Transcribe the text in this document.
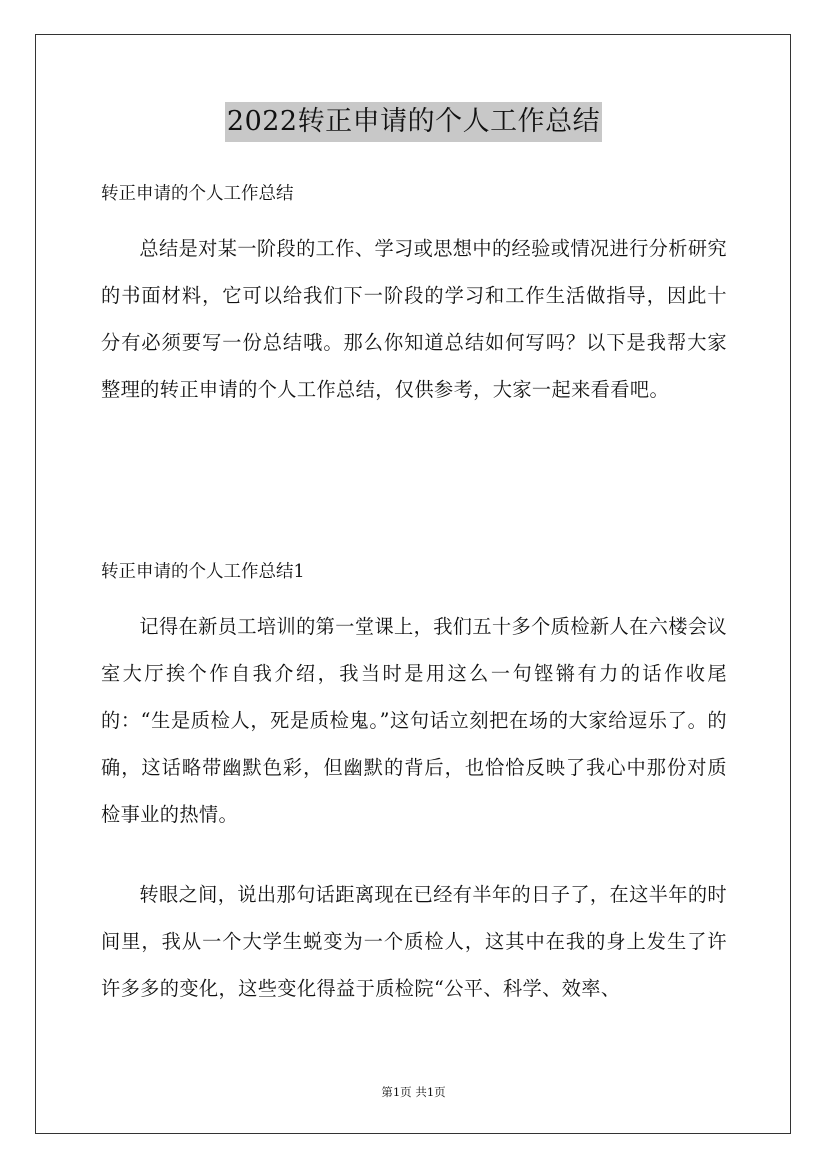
2022转正申请的个人工作总结
转正申请的个人工作总结

总结是对某一阶段的工作、学习或思想中的经验或情况进行分析研究的书面材料，它可以给我们下一阶段的学习和工作生活做指导，因此十分有必须要写一份总结哦。那么你知道总结如何写吗？以下是我帮大家整理的转正申请的个人工作总结，仅供参考，大家一起来看看吧。

转正申请的个人工作总结1

记得在新员工培训的第一堂课上，我们五十多个质检新人在六楼会议室大厅挨个作自我介绍，我当时是用这么一句铿锵有力的话作收尾的：“生是质检人，死是质检鬼。”这句话立刻把在场的大家给逗乐了。的确，这话略带幽默色彩，但幽默的背后，也恰恰反映了我心中那份对质检事业的热情。

转眼之间，说出那句话距离现在已经有半年的日子了，在这半年的时间里，我从一个大学生蜕变为一个质检人，这其中在我的身上发生了许许多多的变化，这些变化得益于质检院“公平、科学、效率、

第1页 共1页
